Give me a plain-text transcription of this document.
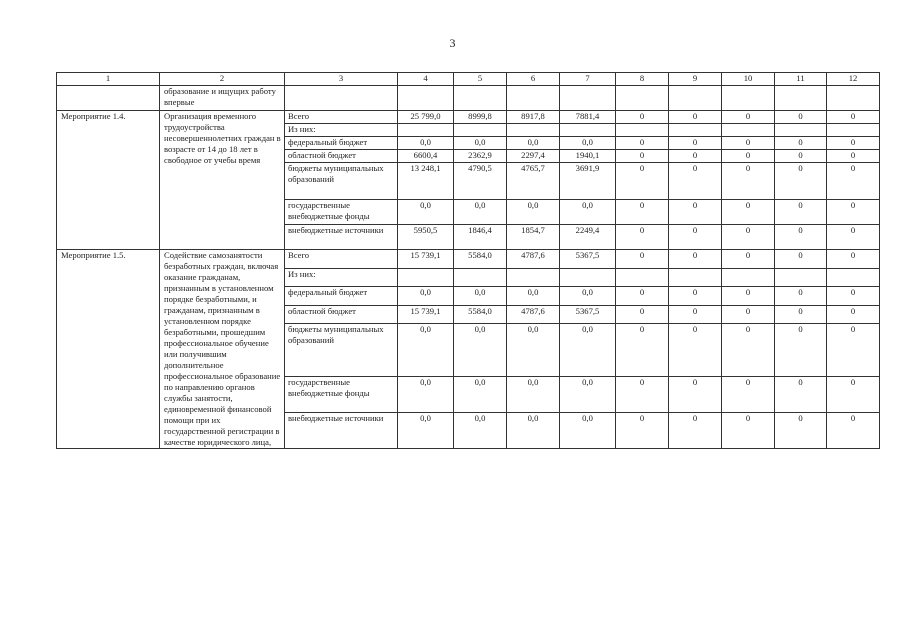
3
1	2	3	4	5	6	7	8	9	10	11	12
	образование и ищущих работу впервые										
Мероприятие 1.4.	Организация временного трудоустройства несовершеннолетних граждан в возрасте от 14 до 18 лет в свободное от учебы время	Всего	25 799,0	8999,8	8917,8	7881,4	0	0	0	0	0
		Из них:									
		федеральный бюджет	0,0	0,0	0,0	0,0	0	0	0	0	0
		областной бюджет	6600,4	2362,9	2297,4	1940,1	0	0	0	0	0
		бюджеты муниципальных образований	13 248,1	4790,5	4765,7	3691,9	0	0	0	0	0
		государственные внебюджетные фонды	0,0	0,0	0,0	0,0	0	0	0	0	0
		внебюджетные источники	5950,5	1846,4	1854,7	2249,4	0	0	0	0	0
Мероприятие 1.5.	Содействие самозанятости безработных граждан, включая оказание гражданам, признанным в установленном порядке безработными, и гражданам, признанным в установленном порядке безработными, прошедшим профессиональное обучение или получившим дополнительное профессиональное образование по направлению органов службы занятости, единовременной финансовой помощи при их государственной регистрации в качестве юридического лица,	Всего	15 739,1	5584,0	4787,6	5367,5	0	0	0	0	0
		Из них:									
		федеральный бюджет	0,0	0,0	0,0	0,0	0	0	0	0	0
		областной бюджет	15 739,1	5584,0	4787,6	5367,5	0	0	0	0	0
		бюджеты муниципальных образований	0,0	0,0	0,0	0,0	0	0	0	0	0
		государственные внебюджетные фонды	0,0	0,0	0,0	0,0	0	0	0	0	0
		внебюджетные источники	0,0	0,0	0,0	0,0	0	0	0	0	0
